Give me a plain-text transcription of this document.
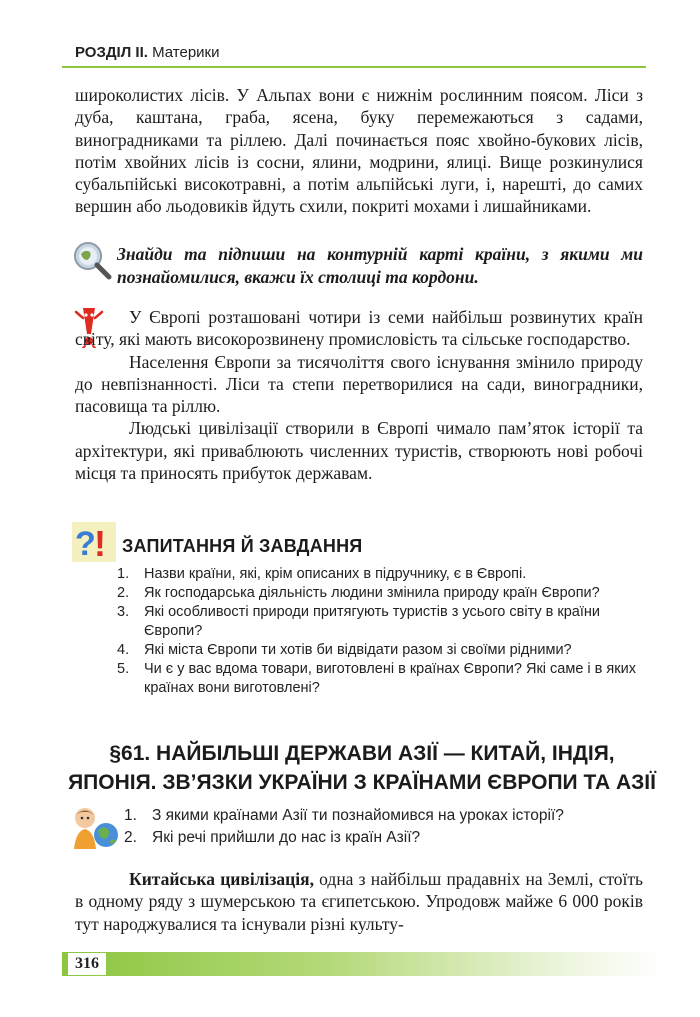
РОЗДІЛ ІІ. Материки

широколистих лісів. У Альпах вони є нижнім рослинним поясом. Ліси з дуба, каштана, граба, ясена, буку перемежаються з садами, виноградниками та ріллею. Далі починається пояс хвойно-букових лісів, потім хвойних лісів із сосни, ялини, модрини, ялиці. Вище розкинулися субальпійські високотравні, а потім альпійські луги, і, нарешті, до самих вершин або льодовиків йдуть схили, покриті мохами і лишайниками.

Знайди та підпиши на контурній карті країни, з якими ми познайомилися, вкажи їх столиці та кордони.

У Європі розташовані чотири із семи найбільш розвинутих країн світу, які мають високорозвинену промисловість та сільське господарство.

Населення Європи за тисячоліття свого існування змінило природу до невпізнанності. Ліси та степи перетворилися на сади, виноградники, пасовища та ріллю.

Людські цивілізації створили в Європі чимало пам’яток історії та архітектури, які приваблюють численних туристів, створюють нові робочі місця та приносять прибуток державам.

?
! ЗАПИТАННЯ Й ЗАВДАННЯ
1. Назви країни, які, крім описаних в підручнику, є в Європі.
2. Як господарська діяльність людини змінила природу країн Європи?
3. Які особливості природи притягують туристів з усього світу в країни Європи?
4. Які міста Європи ти хотів би відвідати разом зі своїми рідними?
5. Чи є у вас вдома товари, виготовлені в країнах Європи? Які саме і в яких країнах вони виготовлені?
§61. НАЙБІЛЬШІ ДЕРЖАВИ АЗІЇ — КИТАЙ, ІНДІЯ,
ЯПОНІЯ. ЗВ’ЯЗКИ УКРАЇНИ З КРАЇНАМИ ЄВРОПИ ТА АЗІЇ
1. З якими країнами Азії ти познайомився на уроках історії?
2. Які речі прийшли до нас із країн Азії?

Китайська цивілізація, одна з найбільш прадавніх на Землі, стоїть в одному ряду з шумерською та єгипетською. Упродовж майже 6 000 років тут народжувалися та існували різні культу-

316
